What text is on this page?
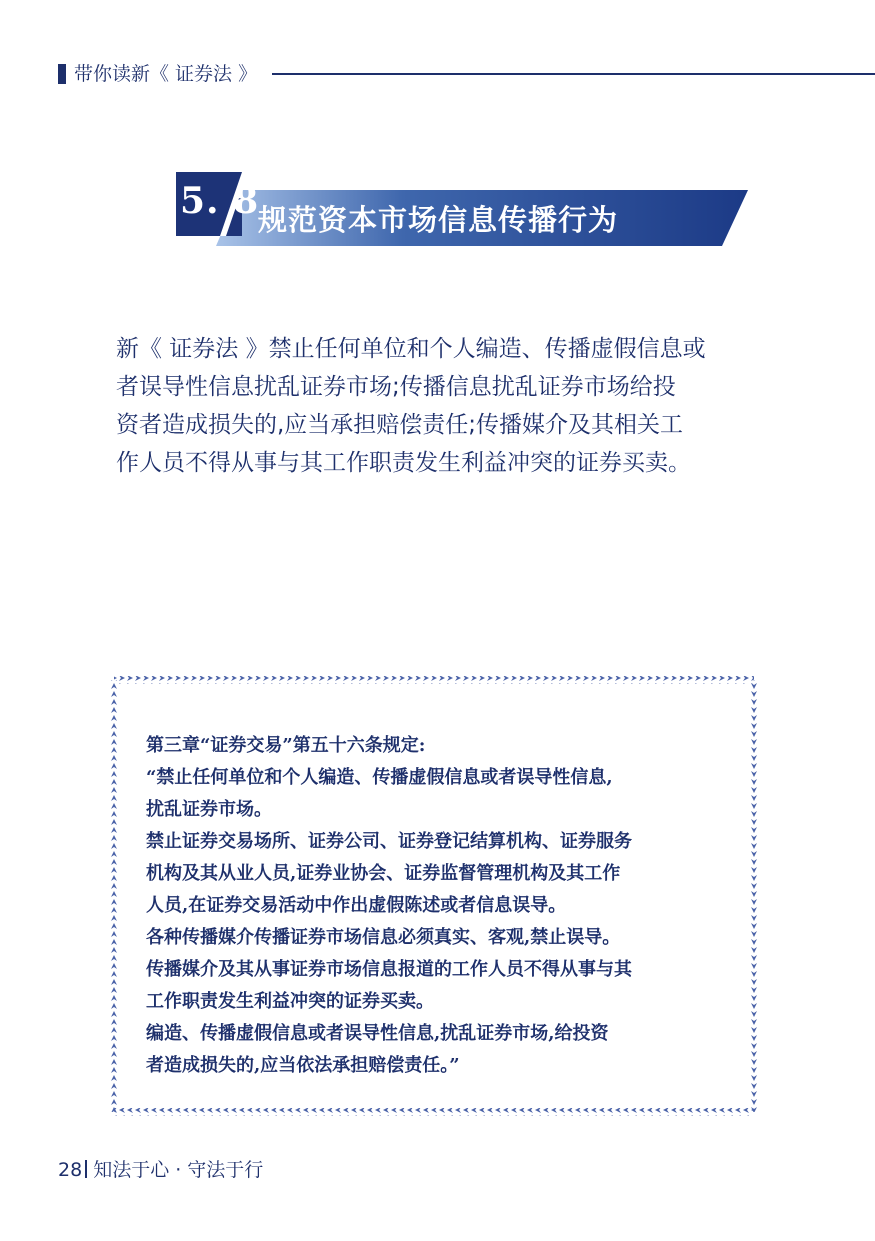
带你读新《 证券法 》
5. 8
规范资本市场信息传播行为

新《 证券法 》禁止任何单位和个人编造、传播虚假信息或

者误导性信息扰乱证券市场;传播信息扰乱证券市场给投

资者造成损失的,应当承担赔偿责任;传播媒介及其相关工

作人员不得从事与其工作职责发生利益冲突的证券买卖。

第三章“证券交易”第五十六条规定:

“禁止任何单位和个人编造、传播虚假信息或者误导性信息,

扰乱证券市场。

禁止证券交易场所、证券公司、证券登记结算机构、证券服务

机构及其从业人员,证券业协会、证券监督管理机构及其工作

人员,在证券交易活动中作出虚假陈述或者信息误导。

各种传播媒介传播证券市场信息必须真实、客观,禁止误导。

传播媒介及其从事证券市场信息报道的工作人员不得从事与其

工作职责发生利益冲突的证券买卖。

编造、传播虚假信息或者误导性信息,扰乱证券市场,给投资

者造成损失的,应当依法承担赔偿责任。”

28 知法于心 · 守法于行
